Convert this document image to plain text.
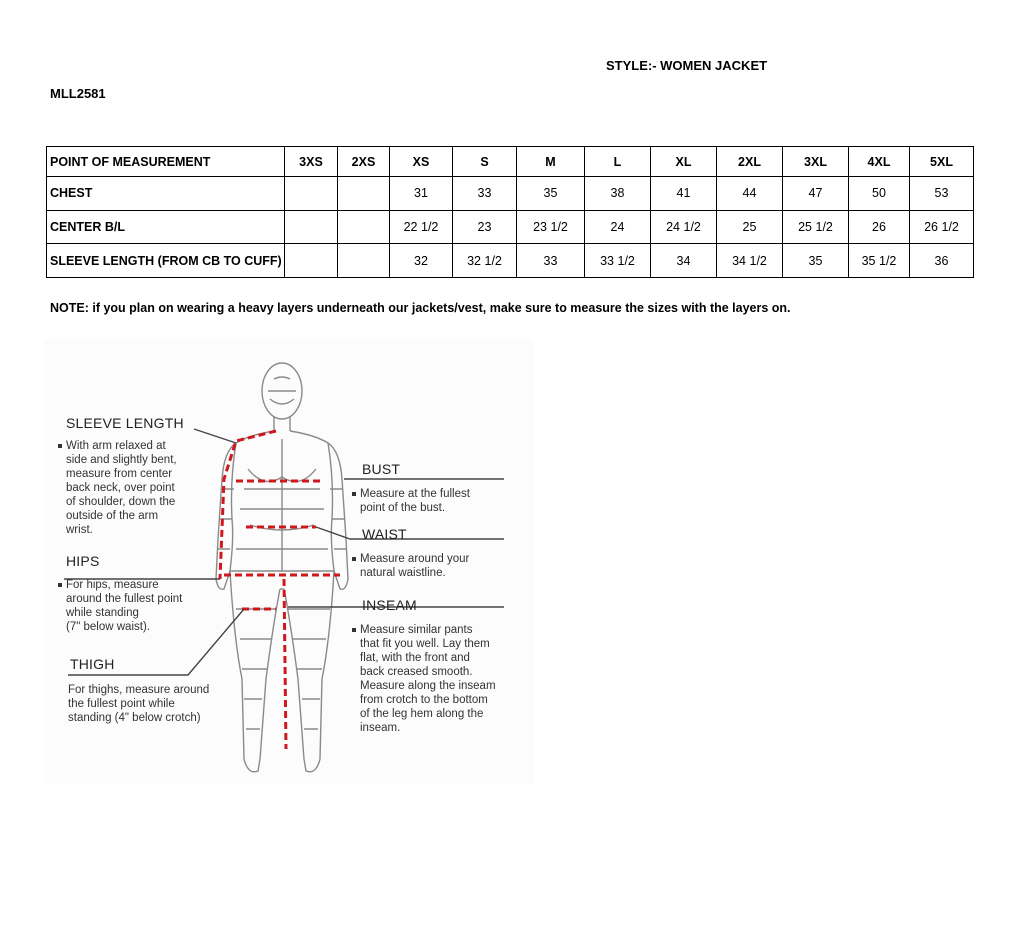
STYLE:- WOMEN JACKET
MLL2581
POINT OF MEASUREMENT	3XS	2XS	XS	S	M	L	XL	2XL	3XL	4XL	5XL
CHEST			31	33	35	38	41	44	47	50	53
CENTER B/L			22 1/2	23	23 1/2	24	24 1/2	25	25 1/2	26	26 1/2
SLEEVE LENGTH (FROM CB TO CUFF)			32	32 1/2	33	33 1/2	34	34 1/2	35	35 1/2	36
NOTE: if you plan on wearing a heavy layers underneath our jackets/vest, make sure to measure the sizes with the layers on.
SLEEVE LENGTH
With arm relaxed at
side and slightly bent,
measure from center
back neck, over point
of shoulder, down the
outside of the arm
wrist.
HIPS
For hips, measure
around the fullest point
while standing
(7" below waist).
THIGH
For thighs, measure around
the fullest point while
standing (4" below crotch)
BUST
Measure at the fullest
point of the bust.
WAIST
Measure around your
natural waistline.
INSEAM
Measure similar pants
that fit you well. Lay them
flat, with the front and
back creased smooth.
Measure along the inseam
from crotch to the bottom
of the leg hem along the
inseam.
